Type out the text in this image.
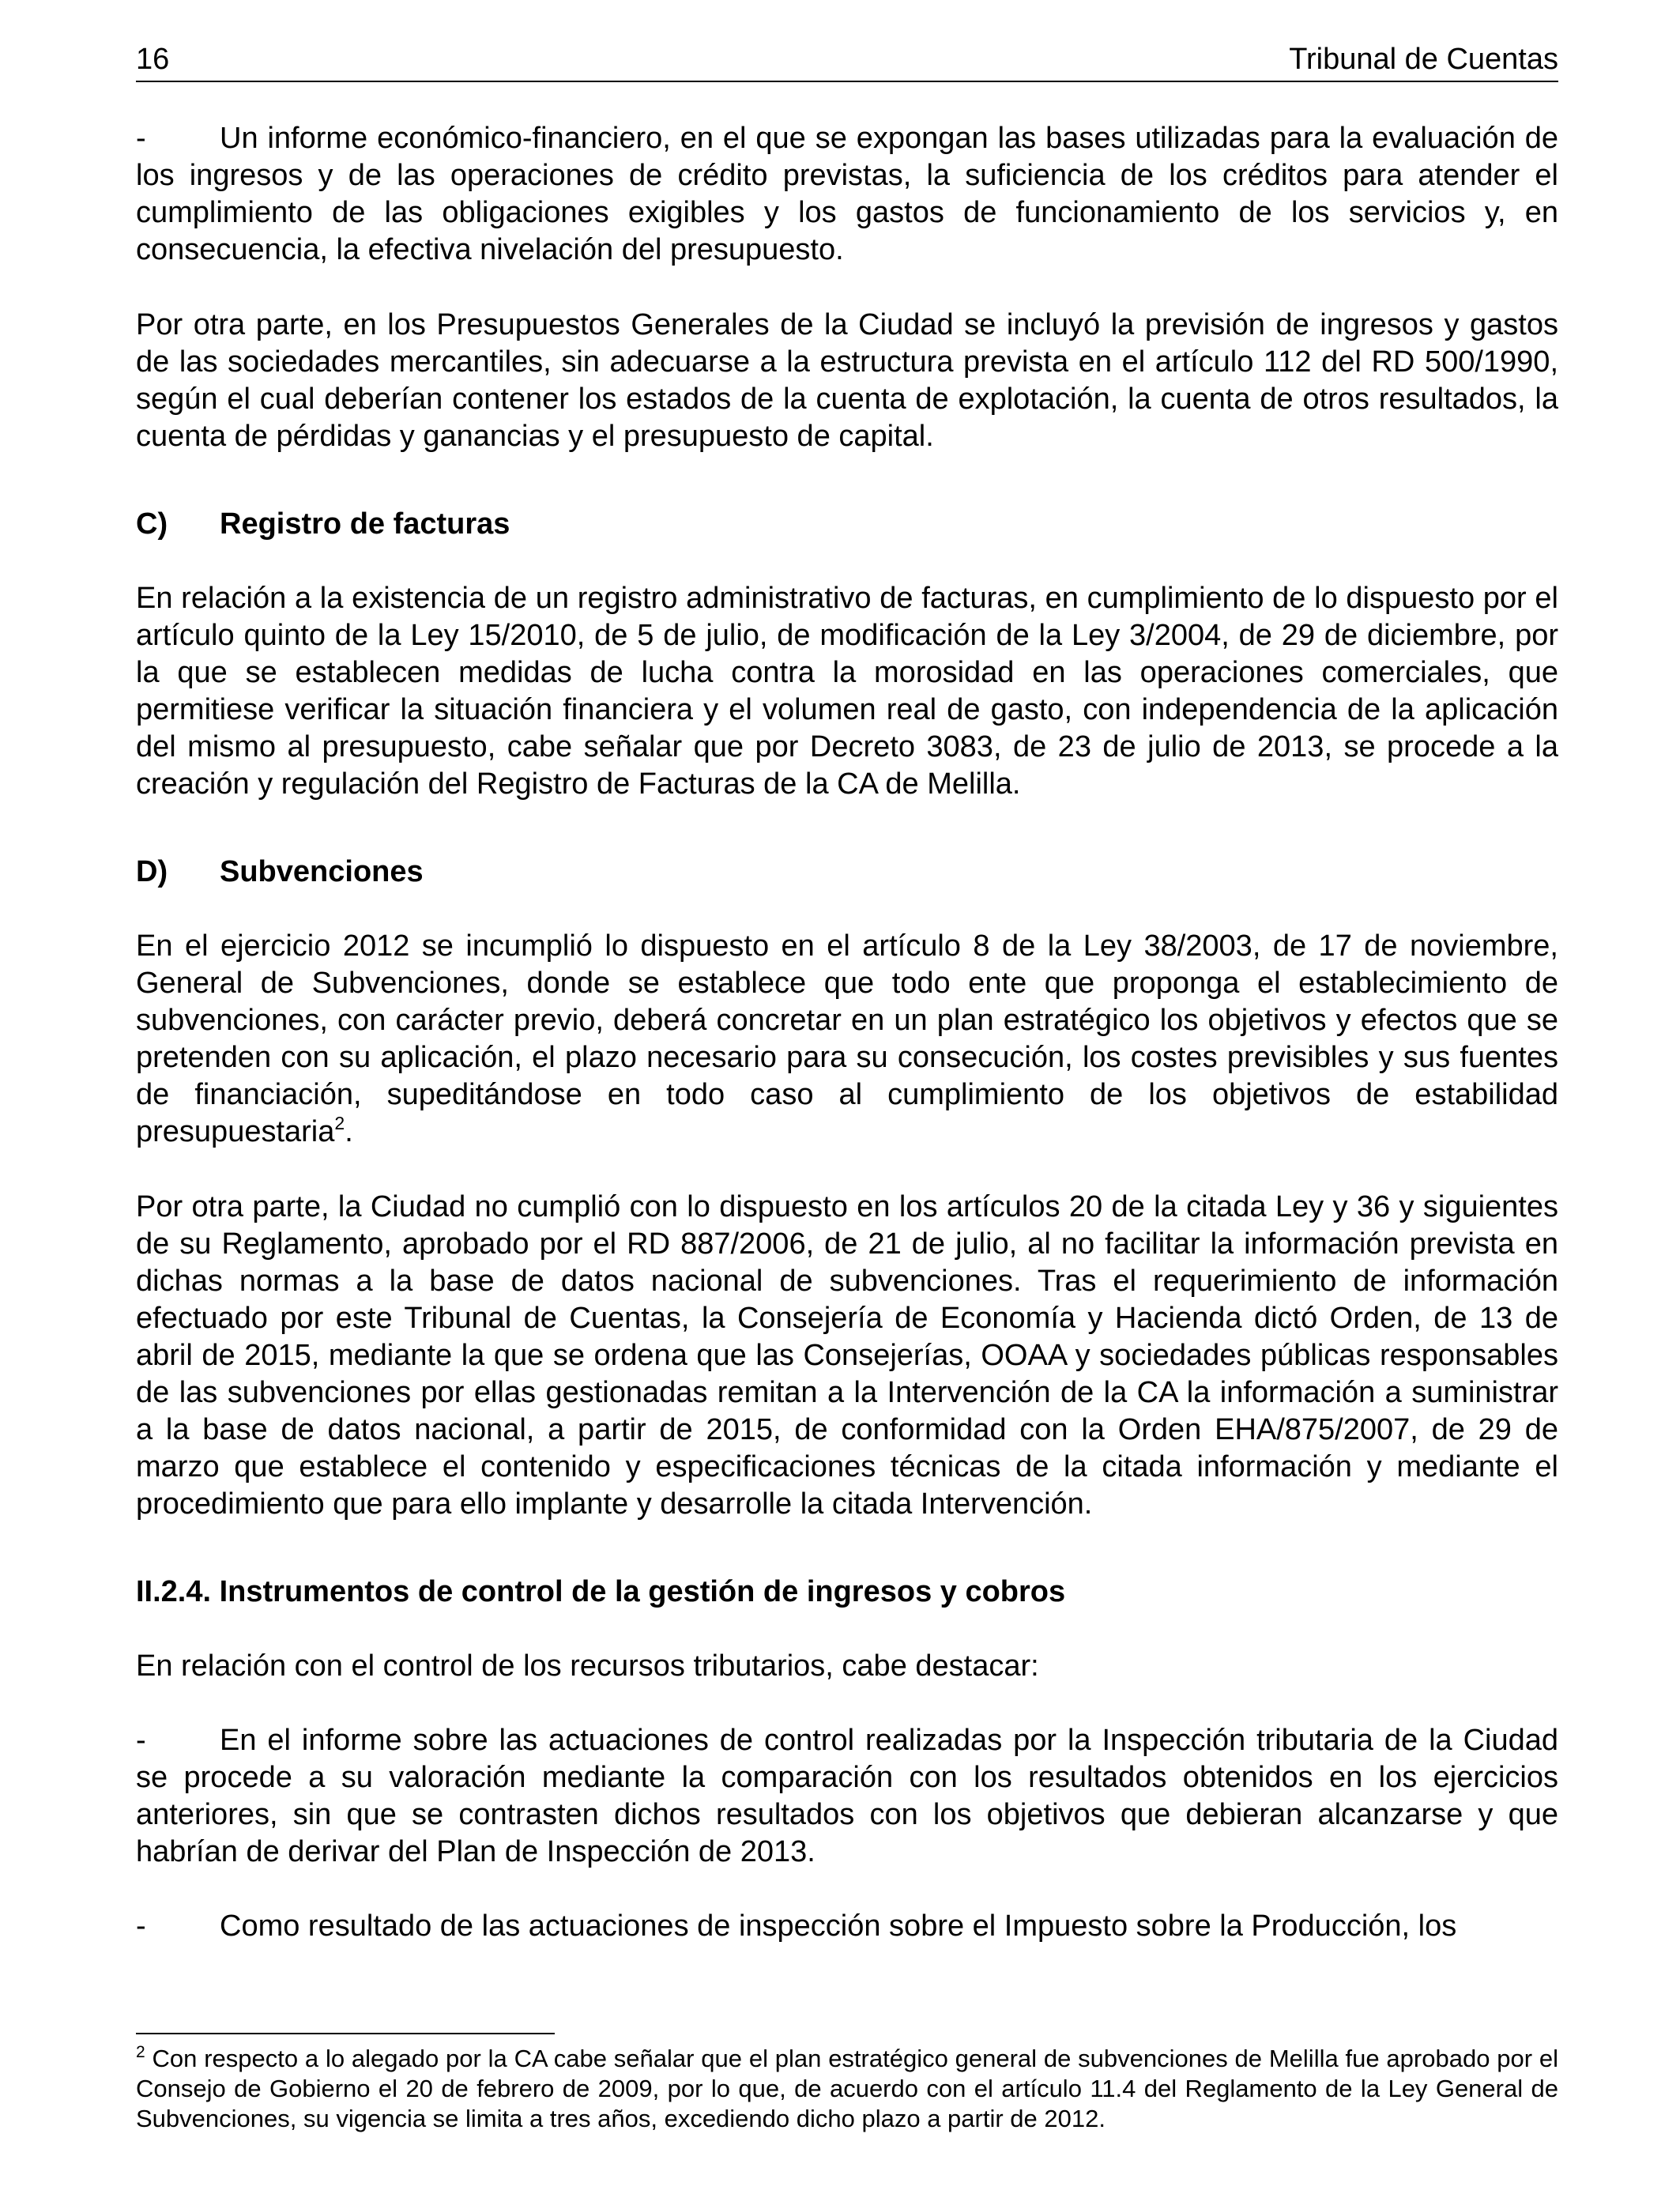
16	Tribunal de Cuentas

- Un informe económico-financiero, en el que se expongan las bases utilizadas para la evaluación de los ingresos y de las operaciones de crédito previstas, la suficiencia de los créditos para atender el cumplimiento de las obligaciones exigibles y los gastos de funcionamiento de los servicios y, en consecuencia, la efectiva nivelación del presupuesto.

Por otra parte, en los Presupuestos Generales de la Ciudad se incluyó la previsión de ingresos y gastos de las sociedades mercantiles, sin adecuarse a la estructura prevista en el artículo 112 del RD 500/1990, según el cual deberían contener los estados de la cuenta de explotación, la cuenta de otros resultados, la cuenta de pérdidas y ganancias y el presupuesto de capital.

C) Registro de facturas

En relación a la existencia de un registro administrativo de facturas, en cumplimiento de lo dispuesto por el artículo quinto de la Ley 15/2010, de 5 de julio, de modificación de la Ley 3/2004, de 29 de diciembre, por la que se establecen medidas de lucha contra la morosidad en las operaciones comerciales, que permitiese verificar la situación financiera y el volumen real de gasto, con independencia de la aplicación del mismo al presupuesto, cabe señalar que por Decreto 3083, de 23 de julio de 2013, se procede a la creación y regulación del Registro de Facturas de la CA de Melilla.

D) Subvenciones

En el ejercicio 2012 se incumplió lo dispuesto en el artículo 8 de la Ley 38/2003, de 17 de noviembre, General de Subvenciones, donde se establece que todo ente que proponga el establecimiento de subvenciones, con carácter previo, deberá concretar en un plan estratégico los objetivos y efectos que se pretenden con su aplicación, el plazo necesario para su consecución, los costes previsibles y sus fuentes de financiación, supeditándose en todo caso al cumplimiento de los objetivos de estabilidad presupuestaria$^2$.

Por otra parte, la Ciudad no cumplió con lo dispuesto en los artículos 20 de la citada Ley y 36 y siguientes de su Reglamento, aprobado por el RD 887/2006, de 21 de julio, al no facilitar la información prevista en dichas normas a la base de datos nacional de subvenciones. Tras el requerimiento de información efectuado por este Tribunal de Cuentas, la Consejería de Economía y Hacienda dictó Orden, de 13 de abril de 2015, mediante la que se ordena que las Consejerías, OOAA y sociedades públicas responsables de las subvenciones por ellas gestionadas remitan a la Intervención de la CA la información a suministrar a la base de datos nacional, a partir de 2015, de conformidad con la Orden EHA/875/2007, de 29 de marzo que establece el contenido y especificaciones técnicas de la citada información y mediante el procedimiento que para ello implante y desarrolle la citada Intervención.

II.2.4. Instrumentos de control de la gestión de ingresos y cobros

En relación con el control de los recursos tributarios, cabe destacar:

- En el informe sobre las actuaciones de control realizadas por la Inspección tributaria de la Ciudad se procede a su valoración mediante la comparación con los resultados obtenidos en los ejercicios anteriores, sin que se contrasten dichos resultados con los objetivos que debieran alcanzarse y que habrían de derivar del Plan de Inspección de 2013.

- Como resultado de las actuaciones de inspección sobre el Impuesto sobre la Producción, los

$^2$ Con respecto a lo alegado por la CA cabe señalar que el plan estratégico general de subvenciones de Melilla fue aprobado por el Consejo de Gobierno el 20 de febrero de 2009, por lo que, de acuerdo con el artículo 11.4 del Reglamento de la Ley General de Subvenciones, su vigencia se limita a tres años, excediendo dicho plazo a partir de 2012.
